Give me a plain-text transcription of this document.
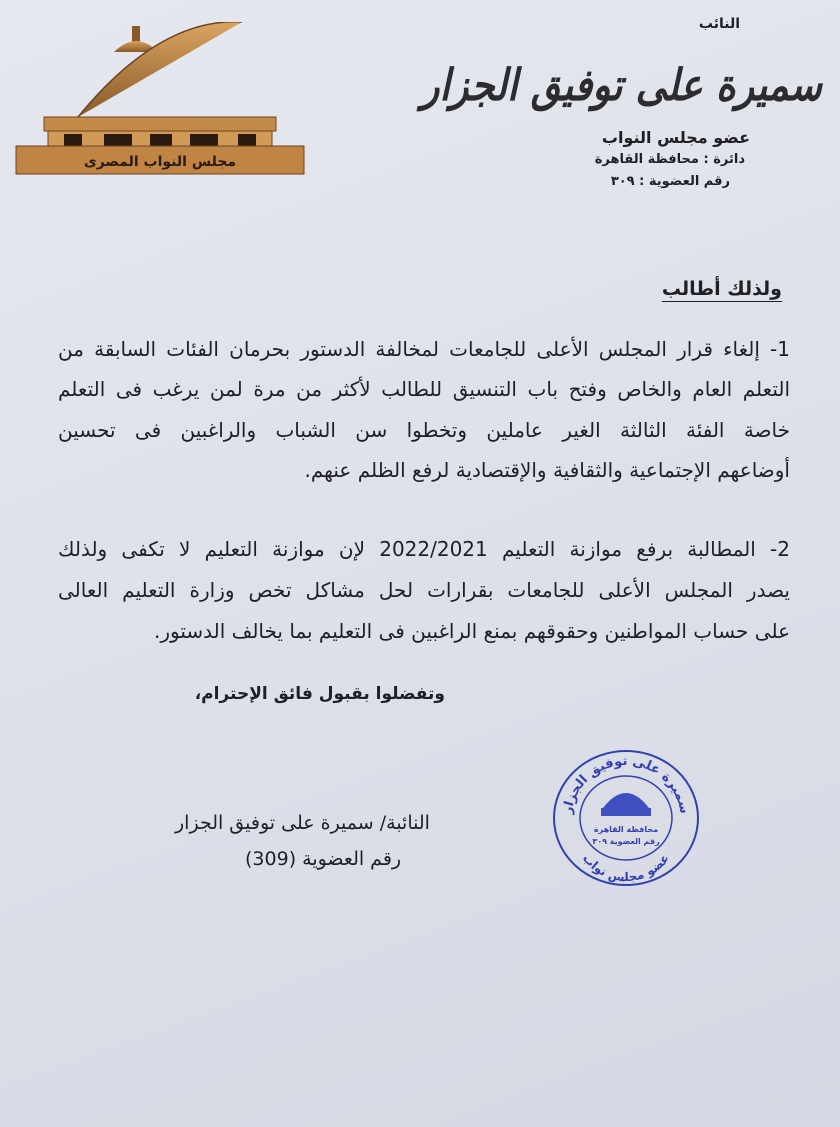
مجلس النواب المصرى
النائب
سميرة على توفيق الجزار
عضو مجلس النواب
دائرة : محافظة القاهرة
رقم العضوية : ٣٠٩
ولذلك أطالب
1- إلغاء قرار المجلس الأعلى للجامعات لمخالفة الدستور بحرمان الفئات السابقة من
التعلم العام والخاص وفتح باب التنسيق للطالب لأكثر من مرة لمن يرغب فى التعلم
خاصة الفئة الثالثة الغير عاملين وتخطوا سن الشباب والراغبين فى تحسين
أوضاعهم الإجتماعية والثقافية والإقتصادية لرفع الظلم عنهم.
2- المطالبة برفع موازنة التعليم 2022/2021 لإن موازنة التعليم لا تكفى ولذلك
يصدر المجلس الأعلى للجامعات بقرارات لحل مشاكل تخص وزارة التعليم العالى
على حساب المواطنين وحقوقهم بمنع الراغبين فى التعليم بما يخالف الدستور.
وتفضلوا بقبول فائق الإحترام،
النائبة/ سميرة على توفيق الجزار
رقم العضوية (309)
سميرة على توفيق الجزار
عضو مجلس نواب
محافظة القاهرة
رقم العضوية ٣٠٩
